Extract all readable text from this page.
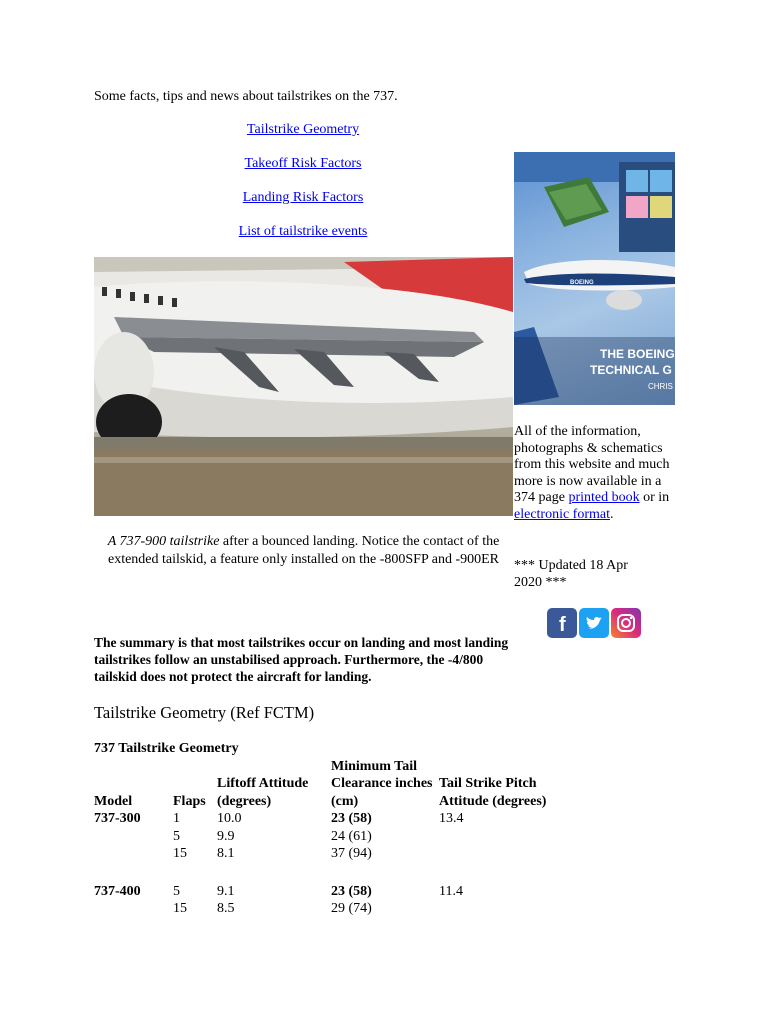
Some facts, tips and news about tailstrikes on the 737.
Tailstrike Geometry
Takeoff Risk Factors
Landing Risk Factors
List of tailstrike events
A 737-900 tailstrike after a bounced landing. Notice the contact of the extended tailskid, a feature only installed on the -800SFP and -900ER
THE BOEING
TECHNICAL G
CHRIS
BOEING
All of the information, photographs & schematics from this website and much more is now available in a 374 page printed book or in electronic format.
*** Updated 18 Apr 2020 ***
f
The summary is that most tailstrikes occur on landing and most landing tailstrikes follow an unstabilised approach. Furthermore, the -4/800 tailskid does not protect the aircraft for landing.
Tailstrike Geometry (Ref FCTM)
737 Tailstrike Geometry				
Model	Flaps	Liftoff Attitude (degrees)	Minimum Tail Clearance inches (cm)	Tail Strike Pitch Attitude (degrees)
737-300	1	10.0	23 (58)	13.4
	5	9.9	24 (61)	
	15	8.1	37 (94)	

737-400	5	9.1	23 (58)	11.4
	15	8.5	29 (74)	
